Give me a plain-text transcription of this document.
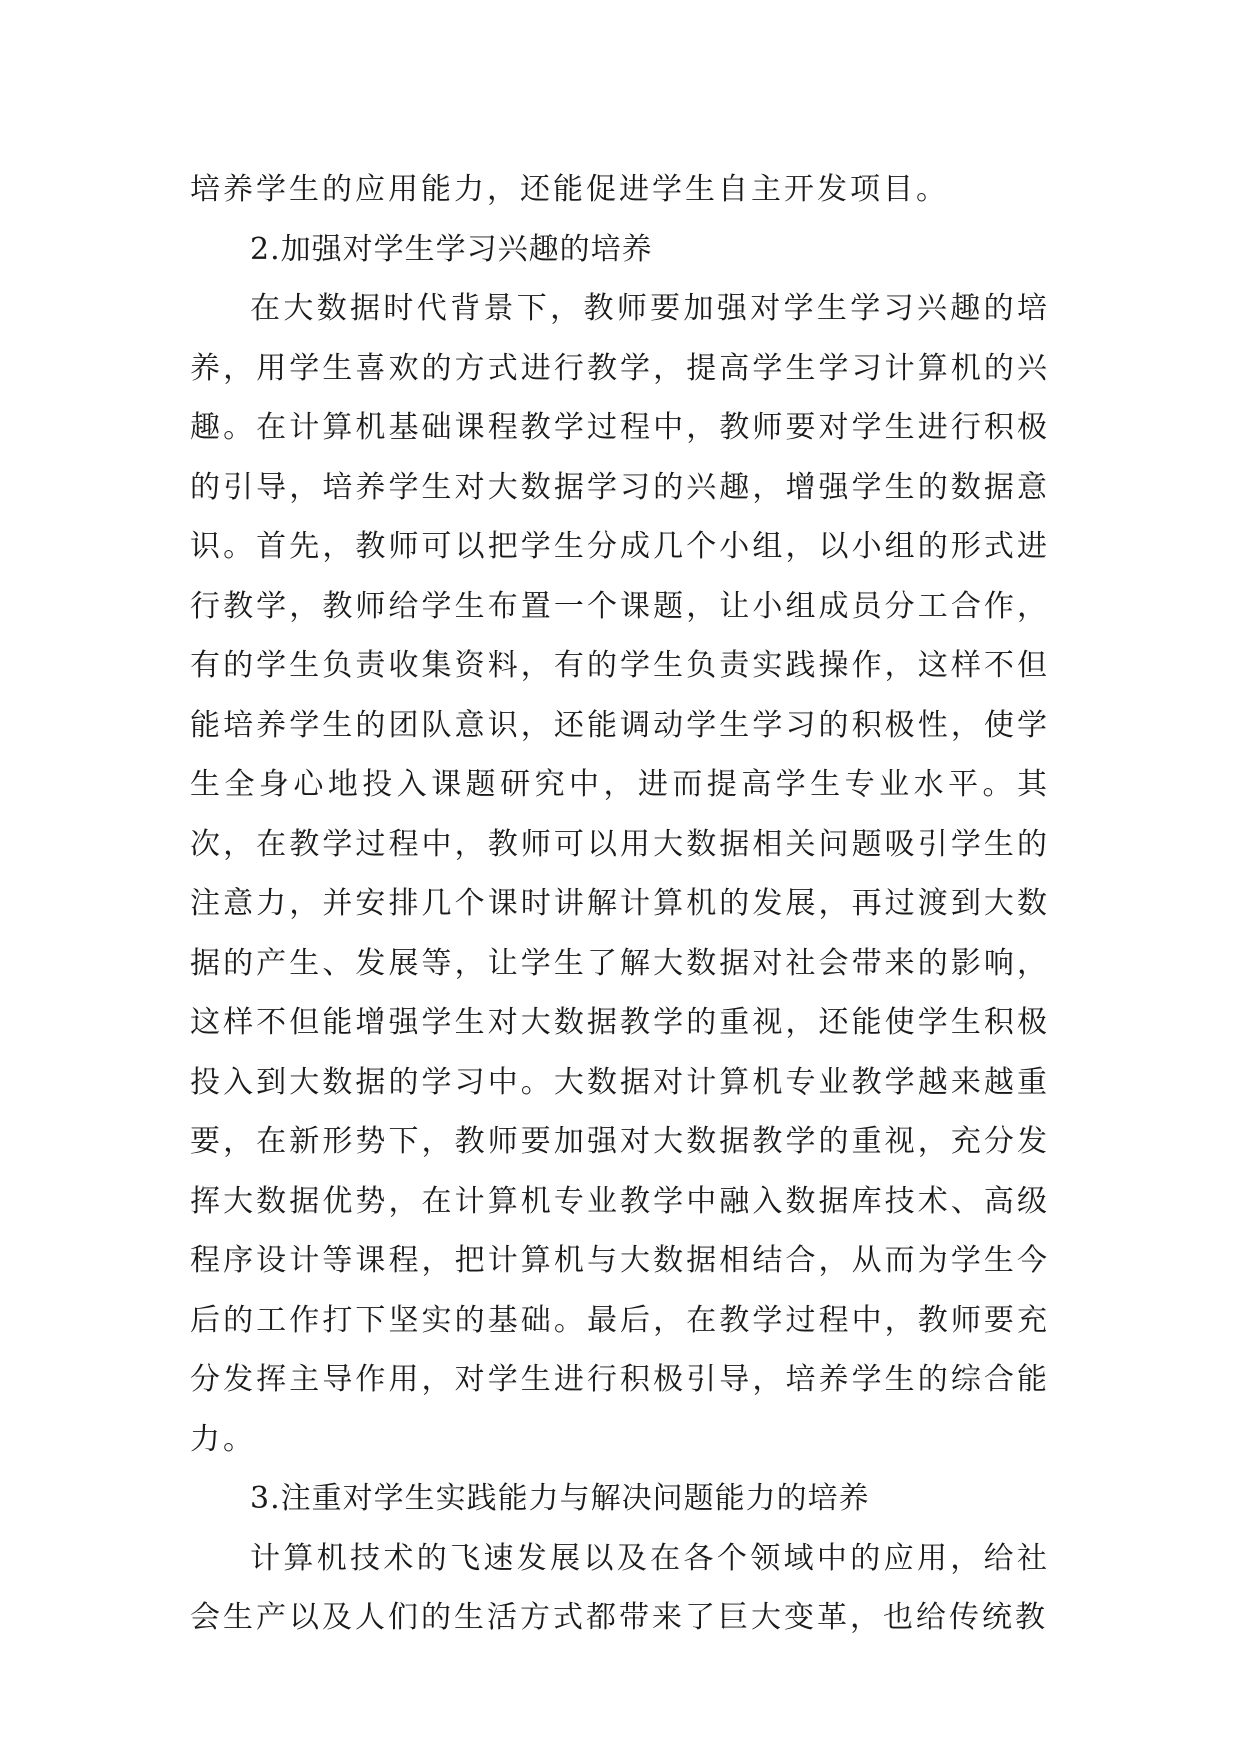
培养学生的应用能力，还能促进学生自主开发项目。

2.加强对学生学习兴趣的培养

在大数据时代背景下，教师要加强对学生学习兴趣的培养，用学生喜欢的方式进行教学，提高学生学习计算机的兴趣。在计算机基础课程教学过程中，教师要对学生进行积极的引导，培养学生对大数据学习的兴趣，增强学生的数据意识。首先，教师可以把学生分成几个小组，以小组的形式进行教学，教师给学生布置一个课题，让小组成员分工合作，有的学生负责收集资料，有的学生负责实践操作，这样不但能培养学生的团队意识，还能调动学生学习的积极性，使学生全身心地投入课题研究中，进而提高学生专业水平。其次，在教学过程中，教师可以用大数据相关问题吸引学生的注意力，并安排几个课时讲解计算机的发展，再过渡到大数据的产生、发展等，让学生了解大数据对社会带来的影响，这样不但能增强学生对大数据教学的重视，还能使学生积极投入到大数据的学习中。大数据对计算机专业教学越来越重要，在新形势下，教师要加强对大数据教学的重视，充分发挥大数据优势，在计算机专业教学中融入数据库技术、高级程序设计等课程，把计算机与大数据相结合，从而为学生今后的工作打下坚实的基础。最后，在教学过程中，教师要充分发挥主导作用，对学生进行积极引导，培养学生的综合能力。

3.注重对学生实践能力与解决问题能力的培养

计算机技术的飞速发展以及在各个领域中的应用，给社会生产以及人们的生活方式都带来了巨大变革，也给传统教
